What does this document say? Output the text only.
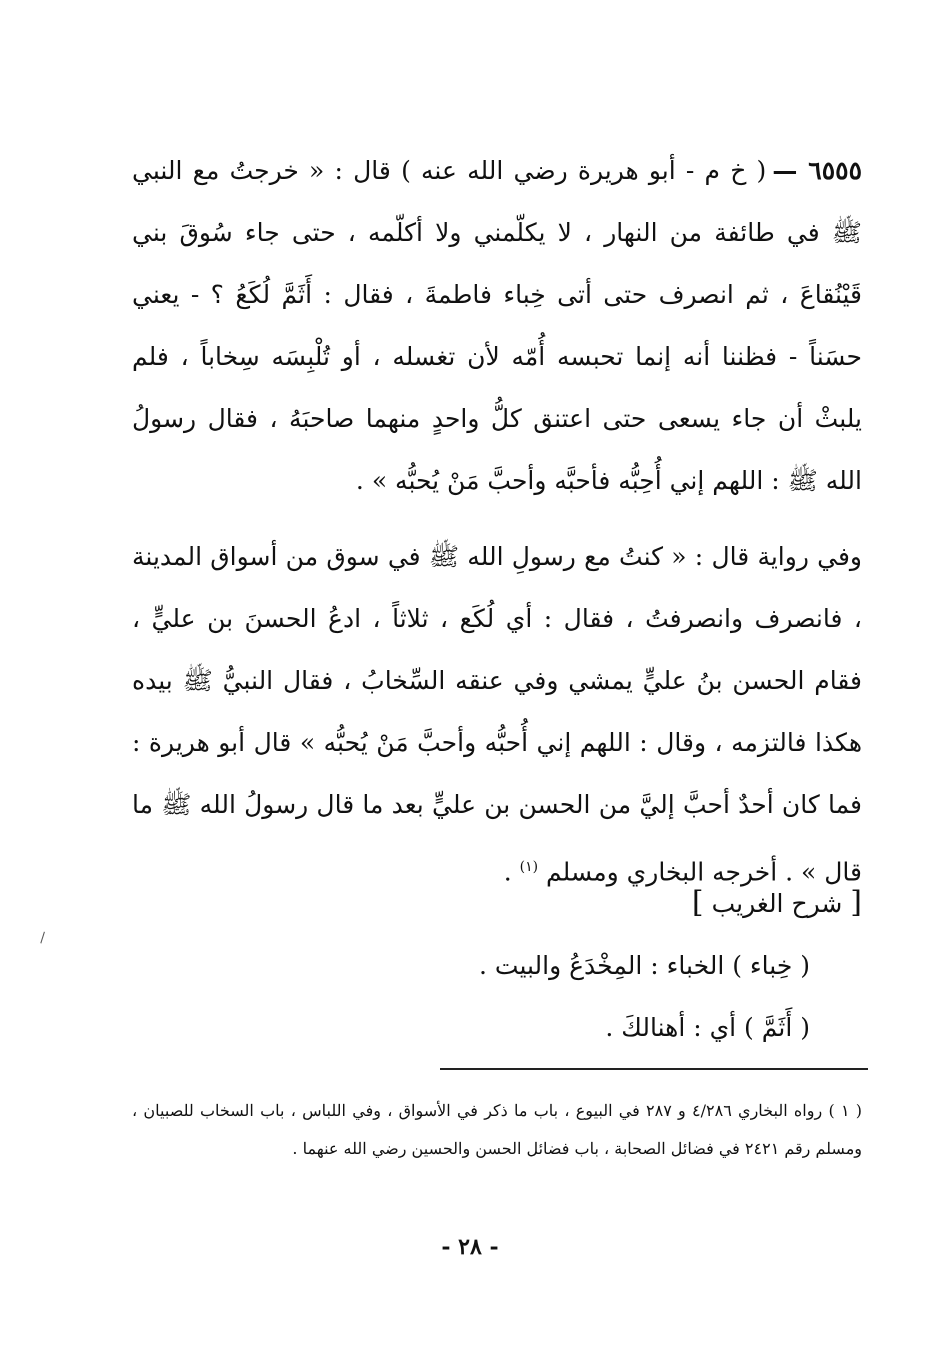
٦٥٥٥ —( خ م - أبو هريرة رضي الله عنه ) قال : « خرجتُ مع النبي ﷺ في طائفة من النهار ، لا يكلّمني ولا أكلّمه ، حتى جاء سُوقَ بني قَيْنُقاعَ ، ثم انصرف حتى أتى خِباء فاطمةَ ، فقال : أَثَمَّ لُكَعُ ؟ - يعني حسَناً - فظننا أنه إنما تحبسه أُمّه لأن تغسله ، أو تُلْبِسَه سِخاباً ، فلم يلبثْ أن جاء يسعى حتى اعتنق كلُّ واحدٍ منهما صاحبَهُ ، فقال رسولُ الله ﷺ : اللهم إني أُحِبُّه فأحبَّه وأحبَّ مَنْ يُحبُّه » .

وفي رواية قال : « كنتُ مع رسولِ الله ﷺ في سوق من أسواق المدينة ، فانصرف وانصرفتُ ، فقال : أي لُكَع ، ثلاثاً ، ادعُ الحسنَ بن عليٍّ ، فقام الحسن بنُ عليٍّ يمشي وفي عنقه السِّخابُ ، فقال النبيُّ ﷺ بيده هكذا فالتزمه ، وقال : اللهم إني أُحبُّه وأحبَّ مَنْ يُحبُّه » قال أبو هريرة : فما كان أحدٌ أحبَّ إليَّ من الحسن بن عليٍّ بعد ما قال رسولُ الله ﷺ ما قال » . أخرجه البخاري ومسلم $^{(١)}$ .

[ شرح الغريب ]
( خِباء ) الخباء : المِخْدَعُ والبيت .
( أَثَمَّ ) أي : أهنالكَ .
( ١ ) رواه البخاري ٤/٢٨٦ و ٢٨٧ في البيوع ، باب ما ذكر في الأسواق ، وفي اللباس ، باب السخاب للصبيان ، ومسلم رقم ٢٤٢١ في فضائل الصحابة ، باب فضائل الحسن والحسين رضي الله عنهما .
- ٢٨ -
\
